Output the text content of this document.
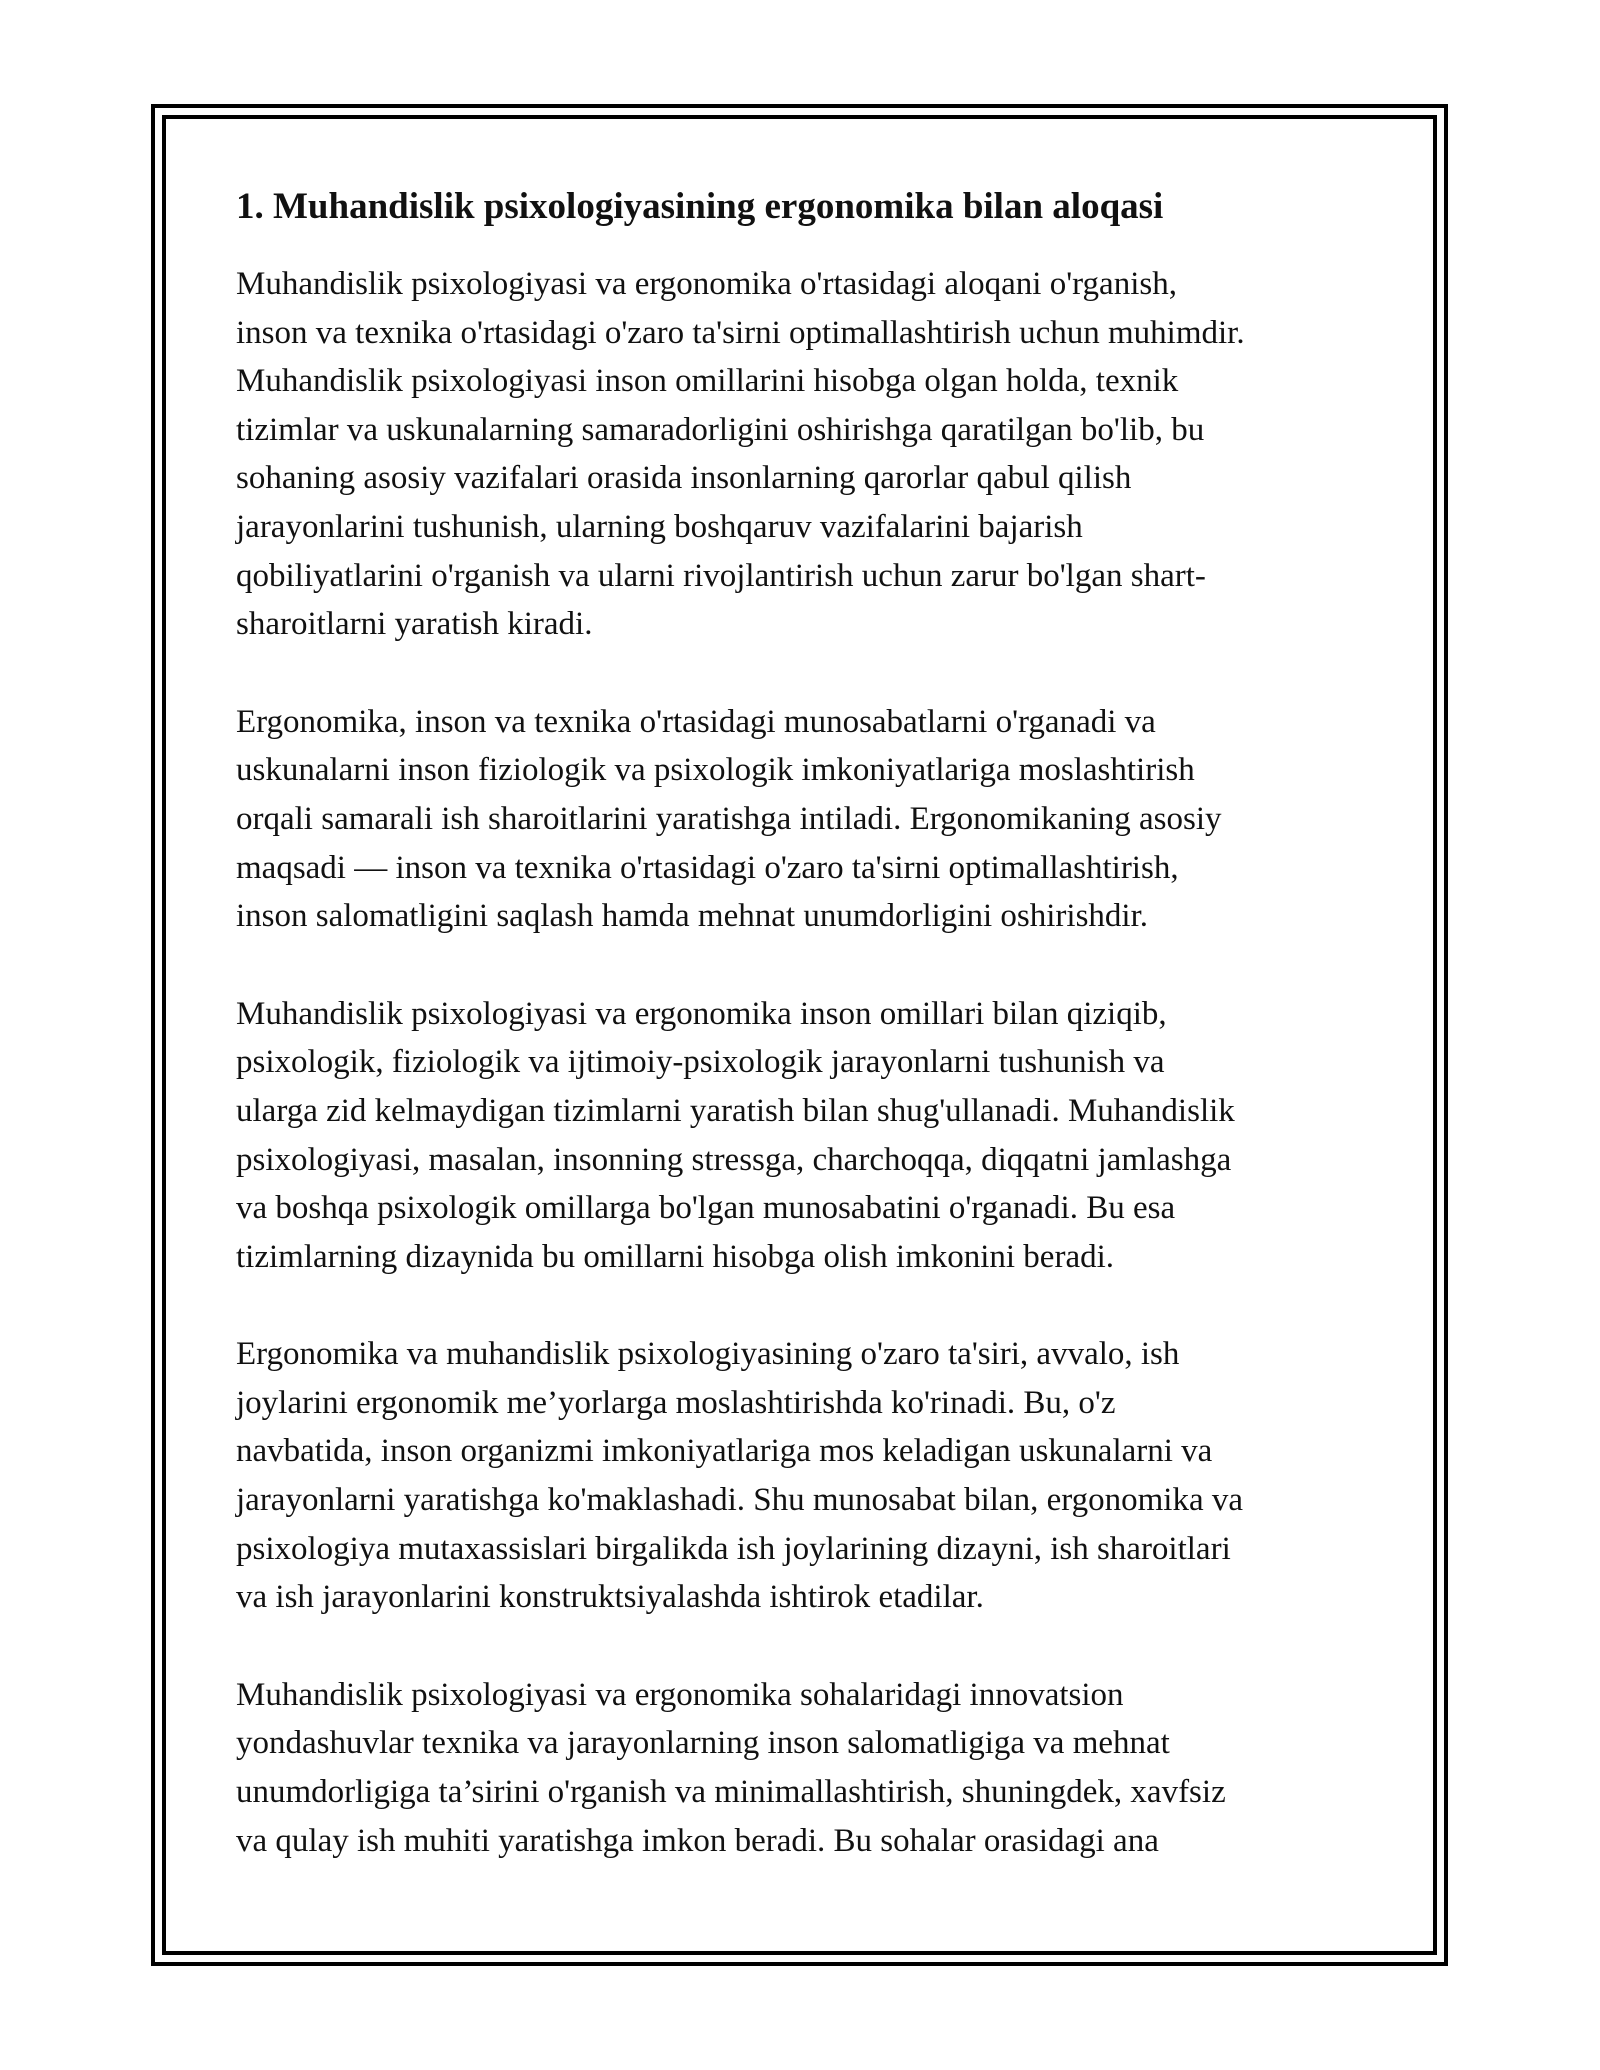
1. Muhandislik psixologiyasining ergonomika bilan aloqasi

Muhandislik psixologiyasi va ergonomika o'rtasidagi aloqani o'rganish,
inson va texnika o'rtasidagi o'zaro ta'sirni optimallashtirish uchun muhimdir.
Muhandislik psixologiyasi inson omillarini hisobga olgan holda, texnik
tizimlar va uskunalarning samaradorligini oshirishga qaratilgan bo'lib, bu
sohaning asosiy vazifalari orasida insonlarning qarorlar qabul qilish
jarayonlarini tushunish, ularning boshqaruv vazifalarini bajarish
qobiliyatlarini o'rganish va ularni rivojlantirish uchun zarur bo'lgan shart-
sharoitlarni yaratish kiradi.

Ergonomika, inson va texnika o'rtasidagi munosabatlarni o'rganadi va
uskunalarni inson fiziologik va psixologik imkoniyatlariga moslashtirish
orqali samarali ish sharoitlarini yaratishga intiladi. Ergonomikaning asosiy
maqsadi — inson va texnika o'rtasidagi o'zaro ta'sirni optimallashtirish,
inson salomatligini saqlash hamda mehnat unumdorligini oshirishdir.

Muhandislik psixologiyasi va ergonomika inson omillari bilan qiziqib,
psixologik, fiziologik va ijtimoiy-psixologik jarayonlarni tushunish va
ularga zid kelmaydigan tizimlarni yaratish bilan shug'ullanadi. Muhandislik
psixologiyasi, masalan, insonning stressga, charchoqqa, diqqatni jamlashga
va boshqa psixologik omillarga bo'lgan munosabatini o'rganadi. Bu esa
tizimlarning dizaynida bu omillarni hisobga olish imkonini beradi.

Ergonomika va muhandislik psixologiyasining o'zaro ta'siri, avvalo, ish
joylarini ergonomik me’yorlarga moslashtirishda ko'rinadi. Bu, o'z
navbatida, inson organizmi imkoniyatlariga mos keladigan uskunalarni va
jarayonlarni yaratishga ko'maklashadi. Shu munosabat bilan, ergonomika va
psixologiya mutaxassislari birgalikda ish joylarining dizayni, ish sharoitlari
va ish jarayonlarini konstruktsiyalashda ishtirok etadilar.

Muhandislik psixologiyasi va ergonomika sohalaridagi innovatsion
yondashuvlar texnika va jarayonlarning inson salomatligiga va mehnat
unumdorligiga ta’sirini o'rganish va minimallashtirish, shuningdek, xavfsiz
va qulay ish muhiti yaratishga imkon beradi. Bu sohalar orasidagi ana
